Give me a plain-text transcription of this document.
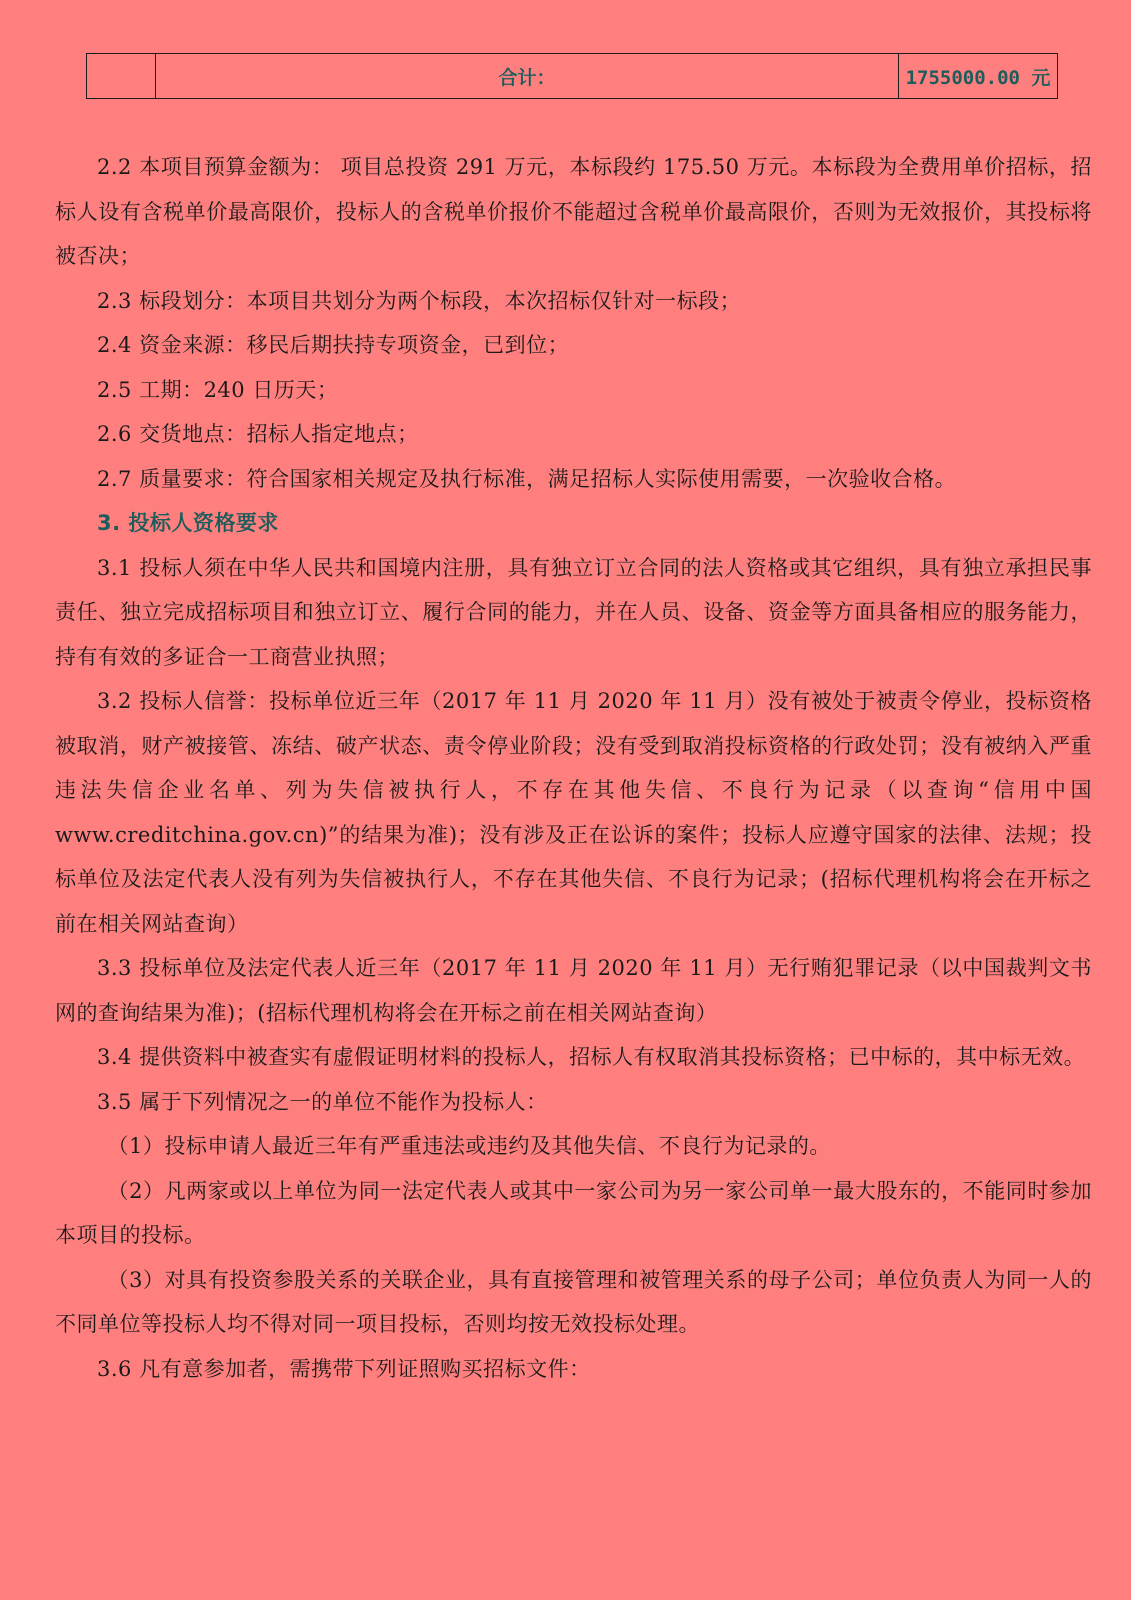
	合计：	1755000.00 元

2.2 本项目预算金额为： 项目总投资 291 万元，本标段约 175.50 万元。本标段为全费用单价招标，招标人设有含税单价最高限价，投标人的含税单价报价不能超过含税单价最高限价，否则为无效报价，其投标将被否决；

2.3 标段划分：本项目共划分为两个标段，本次招标仅针对一标段；

2.4 资金来源：移民后期扶持专项资金，已到位；

2.5 工期：240 日历天；

2.6 交货地点：招标人指定地点；

2.7 质量要求：符合国家相关规定及执行标准，满足招标人实际使用需要，一次验收合格。

3. 投标人资格要求

3.1 投标人须在中华人民共和国境内注册，具有独立订立合同的法人资格或其它组织，具有独立承担民事责任、独立完成招标项目和独立订立、履行合同的能力，并在人员、设备、资金等方面具备相应的服务能力，持有有效的多证合一工商营业执照；

3.2 投标人信誉：投标单位近三年（2017 年 11 月 2020 年 11 月）没有被处于被责令停业，投标资格被取消，财产被接管、冻结、破产状态、责令停业阶段；没有受到取消投标资格的行政处罚；没有被纳入严重违法失信企业名单、列为失信被执行人，不存在其他失信、不良行为记录（以查询“信用中国www.creditchina.gov.cn)”的结果为准)；没有涉及正在讼诉的案件；投标人应遵守国家的法律、法规；投标单位及法定代表人没有列为失信被执行人，不存在其他失信、不良行为记录；(招标代理机构将会在开标之前在相关网站查询）

3.3 投标单位及法定代表人近三年（2017 年 11 月 2020 年 11 月）无行贿犯罪记录（以中国裁判文书网的查询结果为准)；(招标代理机构将会在开标之前在相关网站查询）

3.4 提供资料中被查实有虚假证明材料的投标人，招标人有权取消其投标资格；已中标的，其中标无效。

3.5 属于下列情况之一的单位不能作为投标人：

（1）投标申请人最近三年有严重违法或违约及其他失信、不良行为记录的。

（2）凡两家或以上单位为同一法定代表人或其中一家公司为另一家公司单一最大股东的，不能同时参加本项目的投标。

（3）对具有投资参股关系的关联企业，具有直接管理和被管理关系的母子公司；单位负责人为同一人的不同单位等投标人均不得对同一项目投标，否则均按无效投标处理。

3.6 凡有意参加者，需携带下列证照购买招标文件：
